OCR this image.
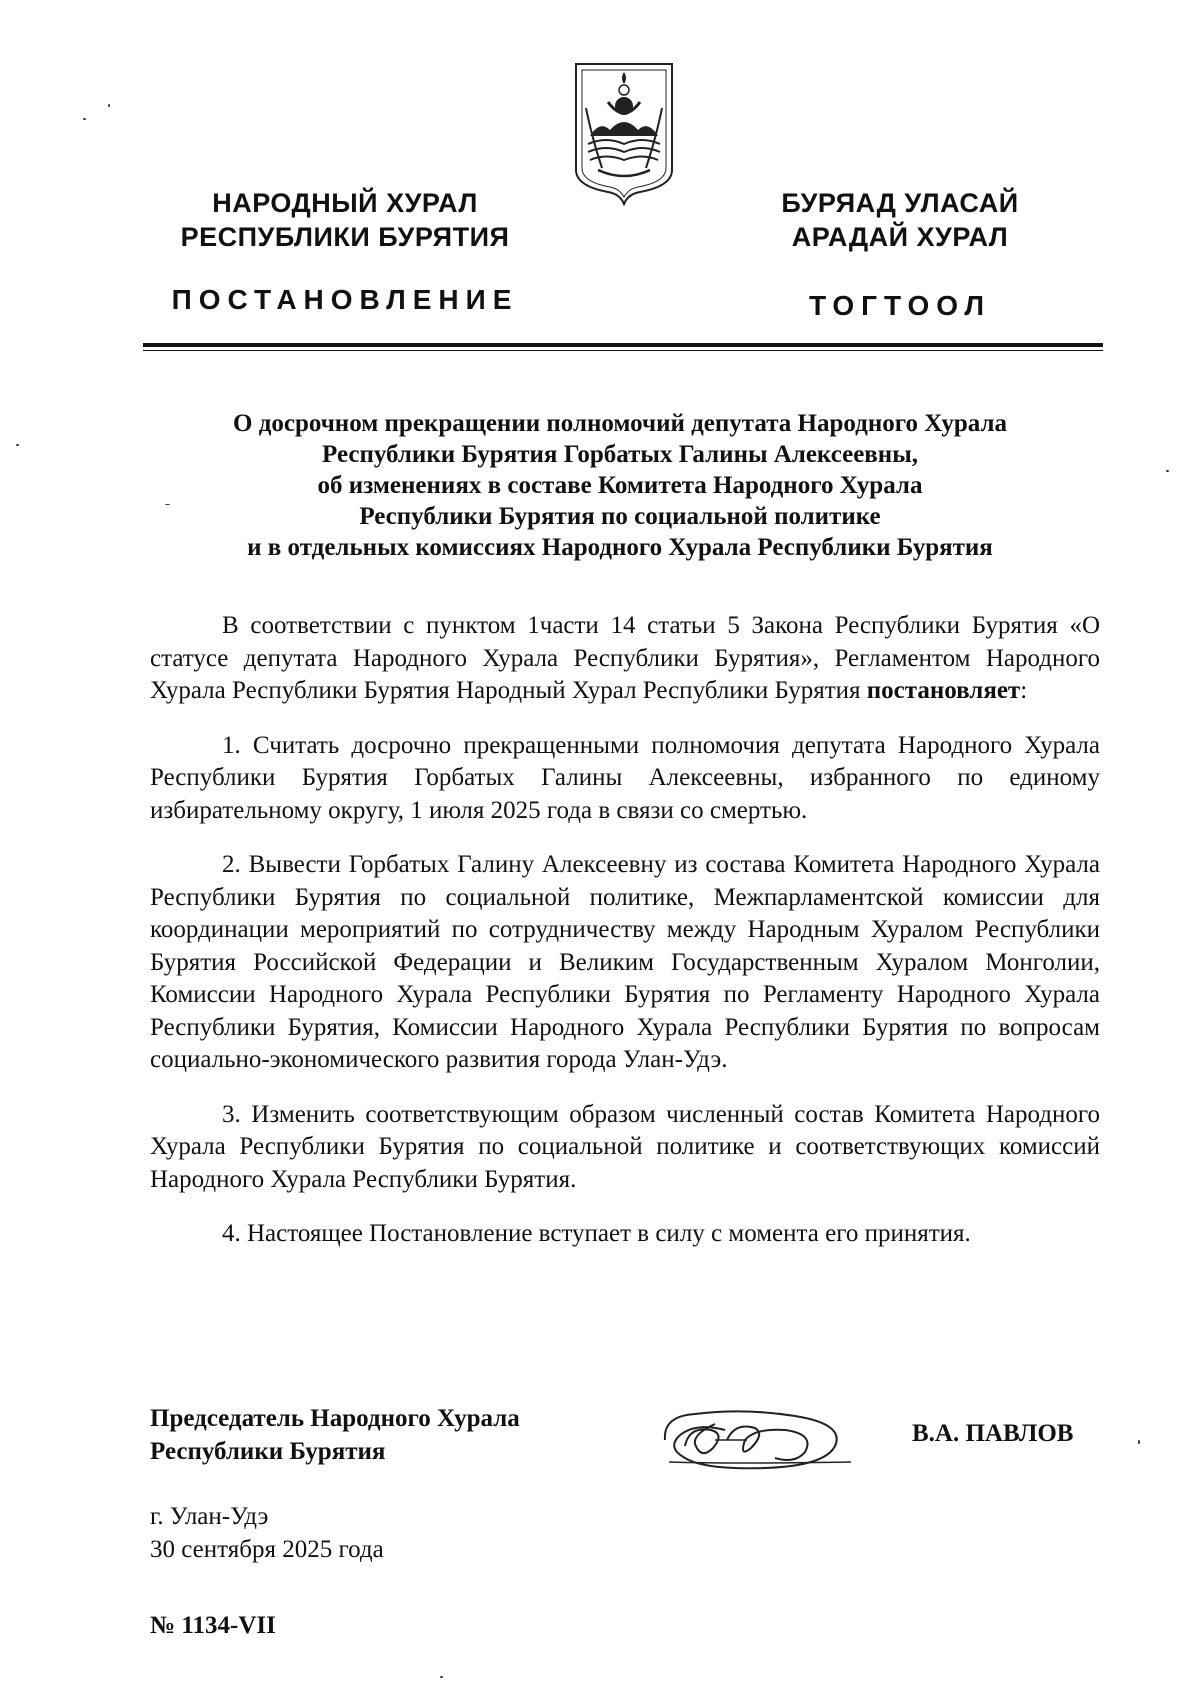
НАРОДНЫЙ ХУРАЛ
РЕСПУБЛИКИ БУРЯТИЯ
БУРЯАД УЛАСАЙ
АРАДАЙ ХУРАЛ
ПОСТАНОВЛЕНИЕ	ТОГТООЛ
О досрочном прекращении полномочий депутата Народного Хурала
Республики Бурятия Горбатых Галины Алексеевны,
об изменениях в составе Комитета Народного Хурала
Республики Бурятия по социальной политике
и в отдельных комиссиях Народного Хурала Республики Бурятия

В соответствии с пунктом 1части 14 статьи 5 Закона Республики Бурятия «О статусе депутата Народного Хурала Республики Бурятия», Регламентом Народного Хурала Республики Бурятия Народный Хурал Республики Бурятия постановляет:

1. Считать досрочно прекращенными полномочия депутата Народного Хурала Республики Бурятия Горбатых Галины Алексеевны, избранного по единому избирательному округу, 1 июля 2025 года в связи со смертью.

2. Вывести Горбатых Галину Алексеевну из состава Комитета Народного Хурала Республики Бурятия по социальной политике, Межпарламентской комиссии для координации мероприятий по сотрудничеству между Народным Хуралом Республики Бурятия Российской Федерации и Великим Государственным Хуралом Монголии, Комиссии Народного Хурала Республики Бурятия по Регламенту Народного Хурала Республики Бурятия, Комиссии Народного Хурала Республики Бурятия по вопросам социально-экономического развития города Улан-Удэ.

3. Изменить соответствующим образом численный состав Комитета Народного Хурала Республики Бурятия по социальной политике и соответствующих комиссий Народного Хурала Республики Бурятия.

4. Настоящее Постановление вступает в силу с момента его принятия.

Председатель Народного Хурала
Республики Бурятия
В.А. ПАВЛОВ
г. Улан-Удэ
30 сентября 2025 года
№ 1134-VII
